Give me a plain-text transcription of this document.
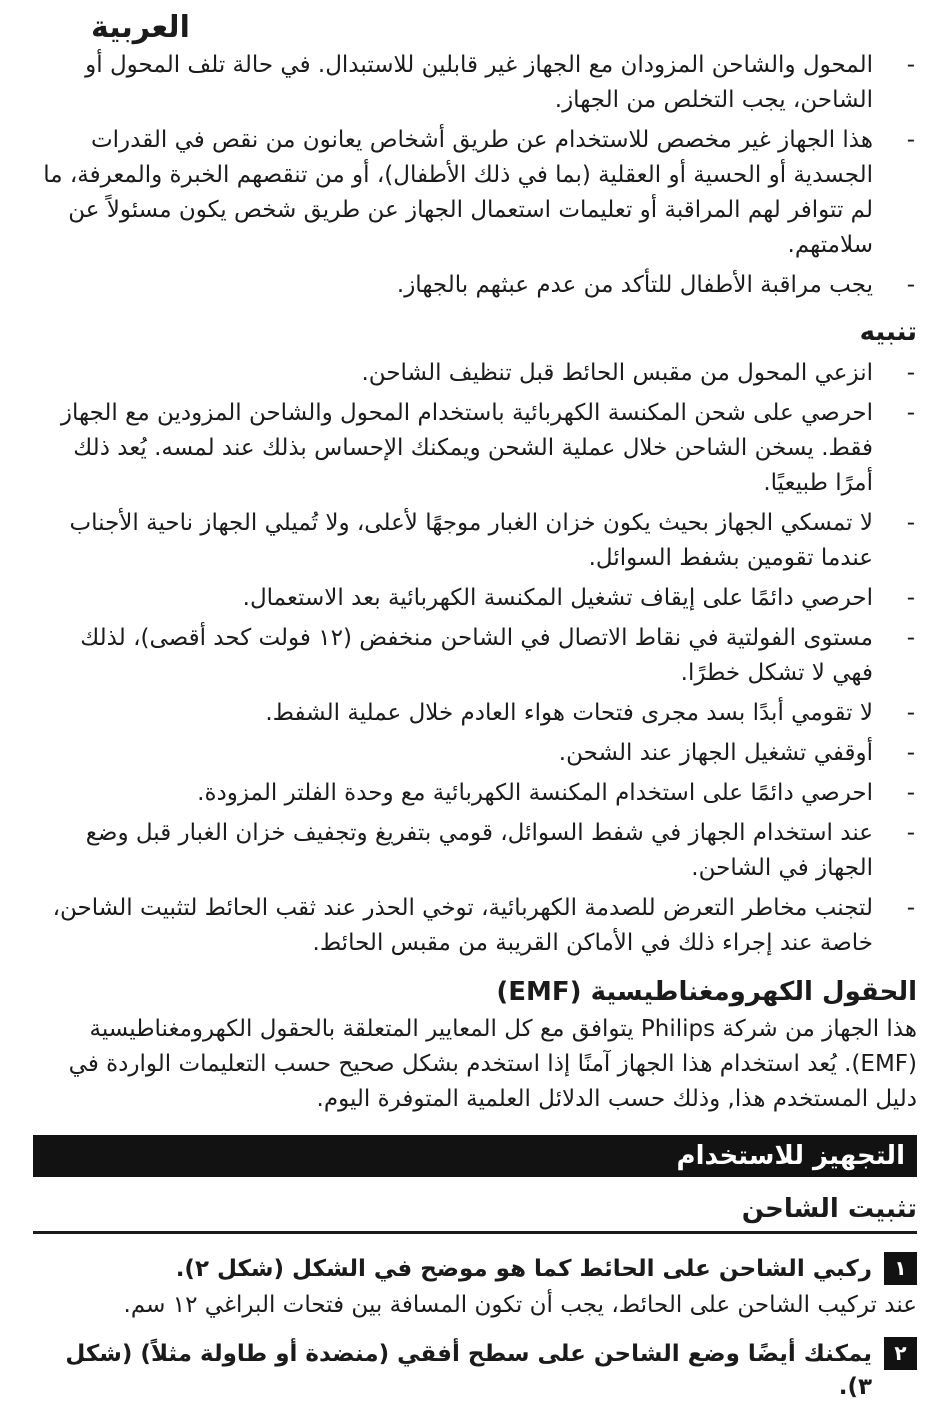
العربية
-
المحول والشاحن المزودان مع الجهاز غير قابلين للاستبدال. في حالة تلف المحول أو الشاحن، يجب التخلص من الجهاز.
-
هذا الجهاز غير مخصص للاستخدام عن طريق أشخاص يعانون من نقص في القدرات الجسدية أو الحسية أو العقلية (بما في ذلك الأطفال)، أو من تنقصهم الخبرة والمعرفة، ما لم تتوافر لهم المراقبة أو تعليمات استعمال الجهاز عن طريق شخص يكون مسئولاً عن سلامتهم.
-
يجب مراقبة الأطفال للتأكد من عدم عبثهم بالجهاز.
تنبيه
-
انزعي المحول من مقبس الحائط قبل تنظيف الشاحن.
-
احرصي على شحن المكنسة الكهربائية باستخدام المحول والشاحن المزودين مع الجهاز فقط. يسخن الشاحن خلال عملية الشحن ويمكنك الإحساس بذلك عند لمسه. يُعد ذلك أمرًا طبيعيًا.
-
لا تمسكي الجهاز بحيث يكون خزان الغبار موجهًا لأعلى، ولا تُميلي الجهاز ناحية الأجناب عندما تقومين بشفط السوائل.
-
احرصي دائمًا على إيقاف تشغيل المكنسة الكهربائية بعد الاستعمال.
-
مستوى الفولتية في نقاط الاتصال في الشاحن منخفض (١٢ فولت كحد أقصى)، لذلك فهي لا تشكل خطرًا.
-
لا تقومي أبدًا بسد مجرى فتحات هواء العادم خلال عملية الشفط.
-
أوقفي تشغيل الجهاز عند الشحن.
-
احرصي دائمًا على استخدام المكنسة الكهربائية مع وحدة الفلتر المزودة.
-
عند استخدام الجهاز في شفط السوائل، قومي بتفريغ وتجفيف خزان الغبار قبل وضع الجهاز في الشاحن.
-
لتجنب مخاطر التعرض للصدمة الكهربائية، توخي الحذر عند ثقب الحائط لتثبيت الشاحن، خاصة عند إجراء ذلك في الأماكن القريبة من مقبس الحائط.
الحقول الكهرومغناطيسية (EMF)

هذا الجهاز من شركة Philips يتوافق مع كل المعايير المتعلقة بالحقول الكهرومغناطيسية (EMF). يُعد استخدام هذا الجهاز آمنًا إذا استخدم بشكل صحيح حسب التعليمات الواردة في دليل المستخدم هذا, وذلك حسب الدلائل العلمية المتوفرة اليوم.

التجهيز للاستخدام
تثبيت الشاحن
١
ركبي الشاحن على الحائط كما هو موضح في الشكل (شكل ٢).

عند تركيب الشاحن على الحائط، يجب أن تكون المسافة بين فتحات البراغي ١٢ سم.

٢
يمكنك أيضًا وضع الشاحن على سطح أفقي (منضدة أو طاولة مثلاً) (شكل ٣).
